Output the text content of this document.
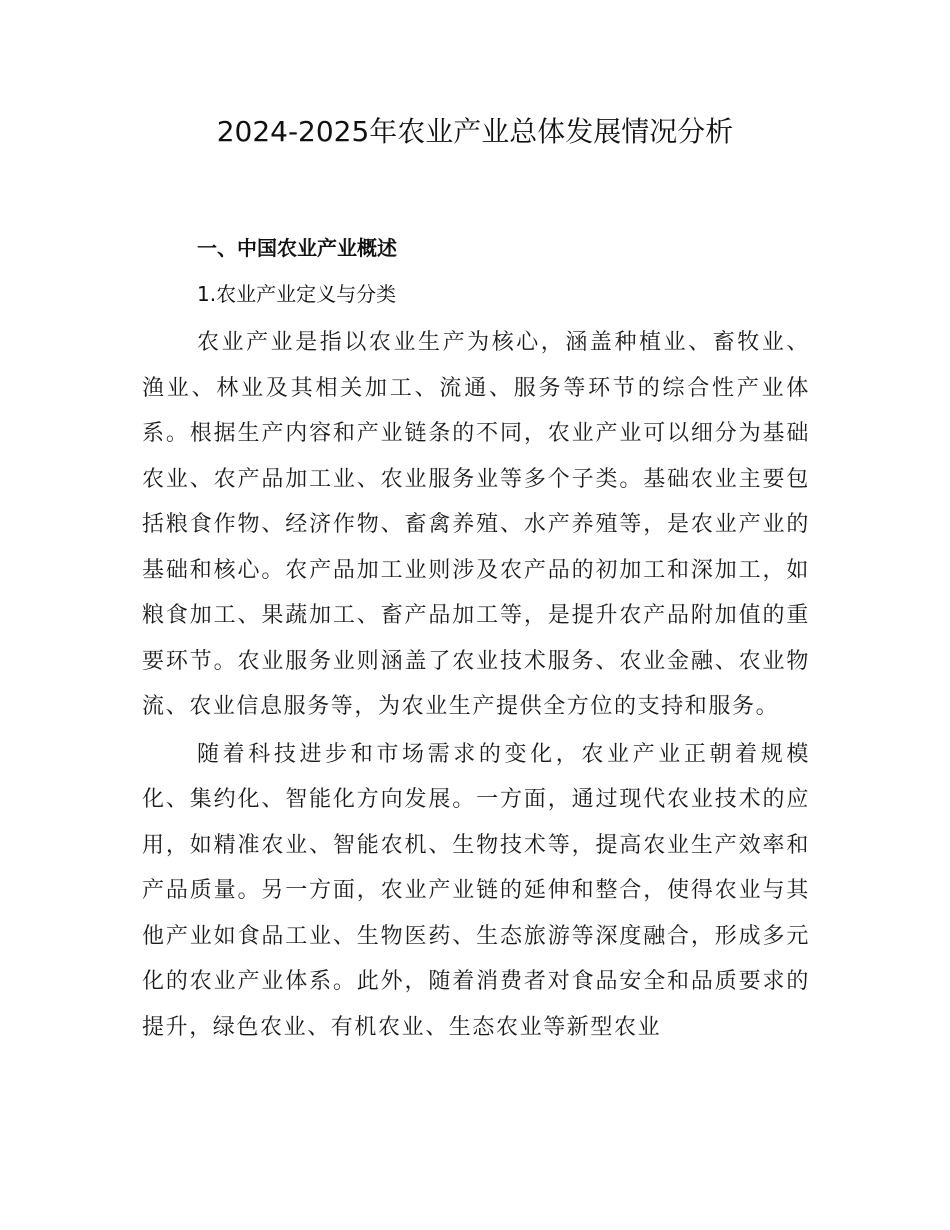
2024-2025年农业产业总体发展情况分析
一、中国农业产业概述
1.农业产业定义与分类

农业产业是指以农业生产为核心，涵盖种植业、畜牧业、渔业、林业及其相关加工、流通、服务等环节的综合性产业体系。根据生产内容和产业链条的不同，农业产业可以细分为基础农业、农产品加工业、农业服务业等多个子类。基础农业主要包括粮食作物、经济作物、畜禽养殖、水产养殖等，是农业产业的基础和核心。农产品加工业则涉及农产品的初加工和深加工，如粮食加工、果蔬加工、畜产品加工等，是提升农产品附加值的重要环节。农业服务业则涵盖了农业技术服务、农业金融、农业物流、农业信息服务等，为农业生产提供全方位的支持和服务。

随着科技进步和市场需求的变化，农业产业正朝着规模化、集约化、智能化方向发展。一方面，通过现代农业技术的应用，如精准农业、智能农机、生物技术等，提高农业生产效率和产品质量。另一方面，农业产业链的延伸和整合，使得农业与其他产业如食品工业、生物医药、生态旅游等深度融合，形成多元化的农业产业体系。此外，随着消费者对食品安全和品质要求的提升，绿色农业、有机农业、生态农业等新型农业
